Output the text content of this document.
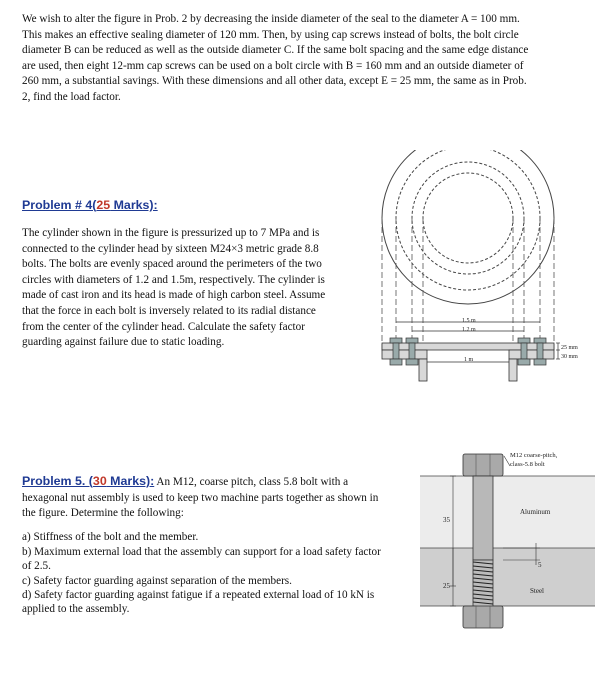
We wish to alter the figure in Prob. 2 by decreasing the inside diameter of the seal to the diameter A = 100 mm.
This makes an effective sealing diameter of 120 mm. Then, by using cap screws instead of bolts, the bolt circle
diameter B can be reduced as well as the outside diameter C. If the same bolt spacing and the same edge distance
are used, then eight 12-mm cap screws can be used on a bolt circle with B = 160 mm and an outside diameter of
260 mm, a substantial savings. With these dimensions and all other data, except E = 25 mm, the same as in Prob.
2, find the load factor.
Problem # 4(25 Marks):
The cylinder shown in the figure is pressurized up to 7 MPa and is
connected to the cylinder head by sixteen M24×3 metric grade 8.8
bolts. The bolts are evenly spaced around the perimeters of the two
circles with diameters of 1.2 and 1.5m, respectively. The cylinder is
made of cast iron and its head is made of high carbon steel. Assume
that the force in each bolt is inversely related to its radial distance
from the center of the cylinder head. Calculate the safety factor
guarding against failure due to static loading.
1.5 m
1.2 m
1 m
25 mm
30 mm
Problem 5. (30 Marks): An M12, coarse pitch, class 5.8 bolt with a
hexagonal nut assembly is used to keep two machine parts together as shown in
the figure. Determine the following:
a) Stiffness of the bolt and the member.
b) Maximum external load that the assembly can support for a load safety factor
of 2.5.
c) Safety factor guarding against separation of the members.
d) Safety factor guarding against fatigue if a repeated external load of 10 kN is
applied to the assembly.
35
25
5
M12 coarse-pitch,
class-5.8 bolt
Aluminum
Steel
